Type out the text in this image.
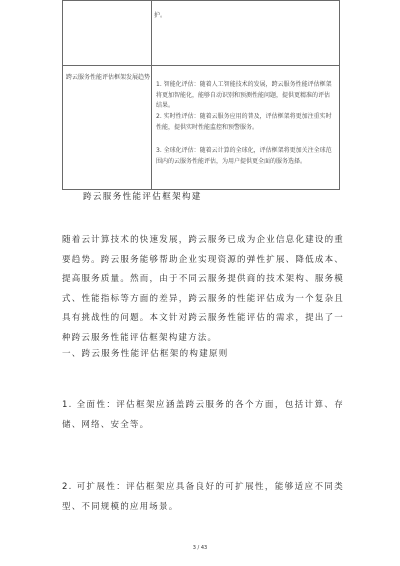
护。
跨云服务性能评估框架发展趋势
1. 智能化评估：随着人工智能技术的发展，跨云服务性能评估框架将更加智能化，能够自动识别和预测性能问题，提供更精准的评估结果。
2. 实时性评估：随着云服务应用的普及，评估框架将更加注重实时性能，提供实时性能监控和预警服务。
3. 全球化评估：随着云计算的全球化，评估框架将更加关注全球范围内的云服务性能评估，为用户提供更全面的服务选择。
跨云服务性能评估框架构建
随着云计算技术的快速发展，跨云服务已成为企业信息化建设的重要趋势。跨云服务能够帮助企业实现资源的弹性扩展、降低成本、提高服务质量。然而，由于不同云服务提供商的技术架构、服务模式、性能指标等方面的差异，跨云服务的性能评估成为一个复杂且具有挑战性的问题。本文针对跨云服务性能评估的需求，提出了一种跨云服务性能评估框架构建方法。
一、跨云服务性能评估框架的构建原则
1. 全面性：评估框架应涵盖跨云服务的各个方面，包括计算、存储、网络、安全等。
2. 可扩展性：评估框架应具备良好的可扩展性，能够适应不同类型、不同规模的应用场景。
3 / 43
